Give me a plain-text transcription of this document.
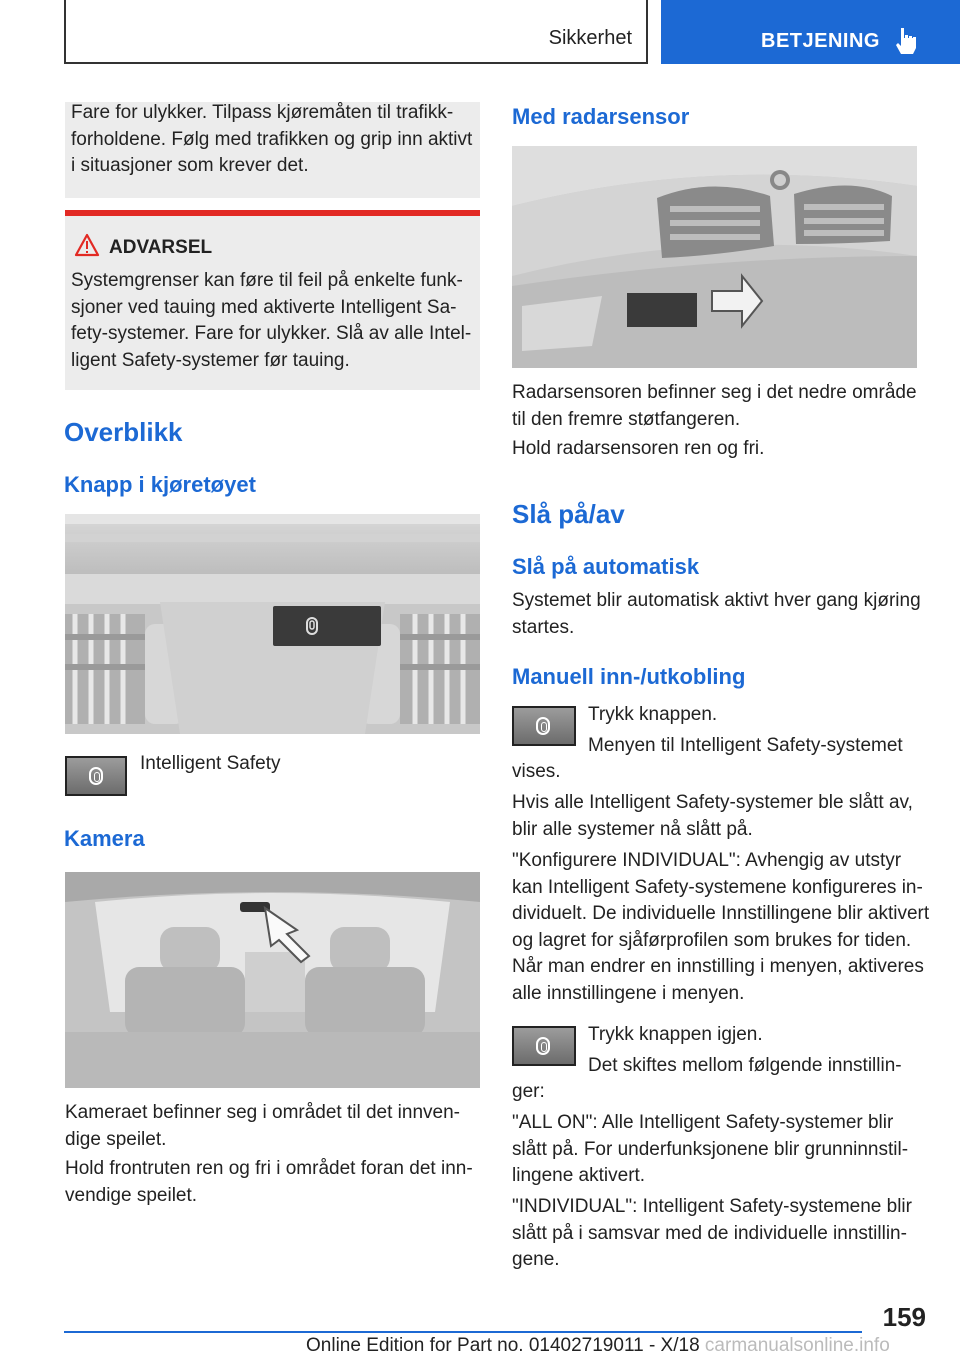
Sikkerhet	BETJENING

Fare for ulykker. Tilpass kjøremåten til trafikk-
forholdene. Følg med trafikken og grip inn aktivt
i situasjoner som krever det.

ADVARSEL

Systemgrenser kan føre til feil på enkelte funk-
sjoner ved tauing med aktiverte Intelligent Sa-
fety-systemer. Fare for ulykker. Slå av alle Intel-
ligent Safety-systemer før tauing.

Overblikk
Knapp i kjøretøyet

Intelligent Safety

Kamera

Kameraet befinner seg i området til det innven-
dige speilet.

Hold frontruten ren og fri i området foran det inn-
vendige speilet.

Med radarsensor

Radarsensoren befinner seg i det nedre område
til den fremre støtfangeren.

Hold radarsensoren ren og fri.

Slå på/av
Slå på automatisk

Systemet blir automatisk aktivt hver gang kjøring
startes.

Manuell inn-/utkobling

Trykk knappen.

Menyen til Intelligent Safety-systemet

vises.

Hvis alle Intelligent Safety-systemer ble slått av,
blir alle systemer nå slått på.

"Konfigurere INDIVIDUAL": Avhengig av utstyr
kan Intelligent Safety-systemene konfigureres in-
dividuelt. De individuelle Innstillingene blir aktivert
og lagret for sjåførprofilen som brukes for tiden.
Når man endrer en innstilling i menyen, aktiveres
alle innstillingene i menyen.

Trykk knappen igjen.

Det skiftes mellom følgende innstillin-

ger:

"ALL ON": Alle Intelligent Safety-systemer blir
slått på. For underfunksjonene blir grunninnstil-
lingene aktivert.

"INDIVIDUAL": Intelligent Safety-systemene blir
slått på i samsvar med de individuelle innstillin-
gene.

159
Online Edition for Part no. 01402719011 - X/18 carmanualsonline.info
